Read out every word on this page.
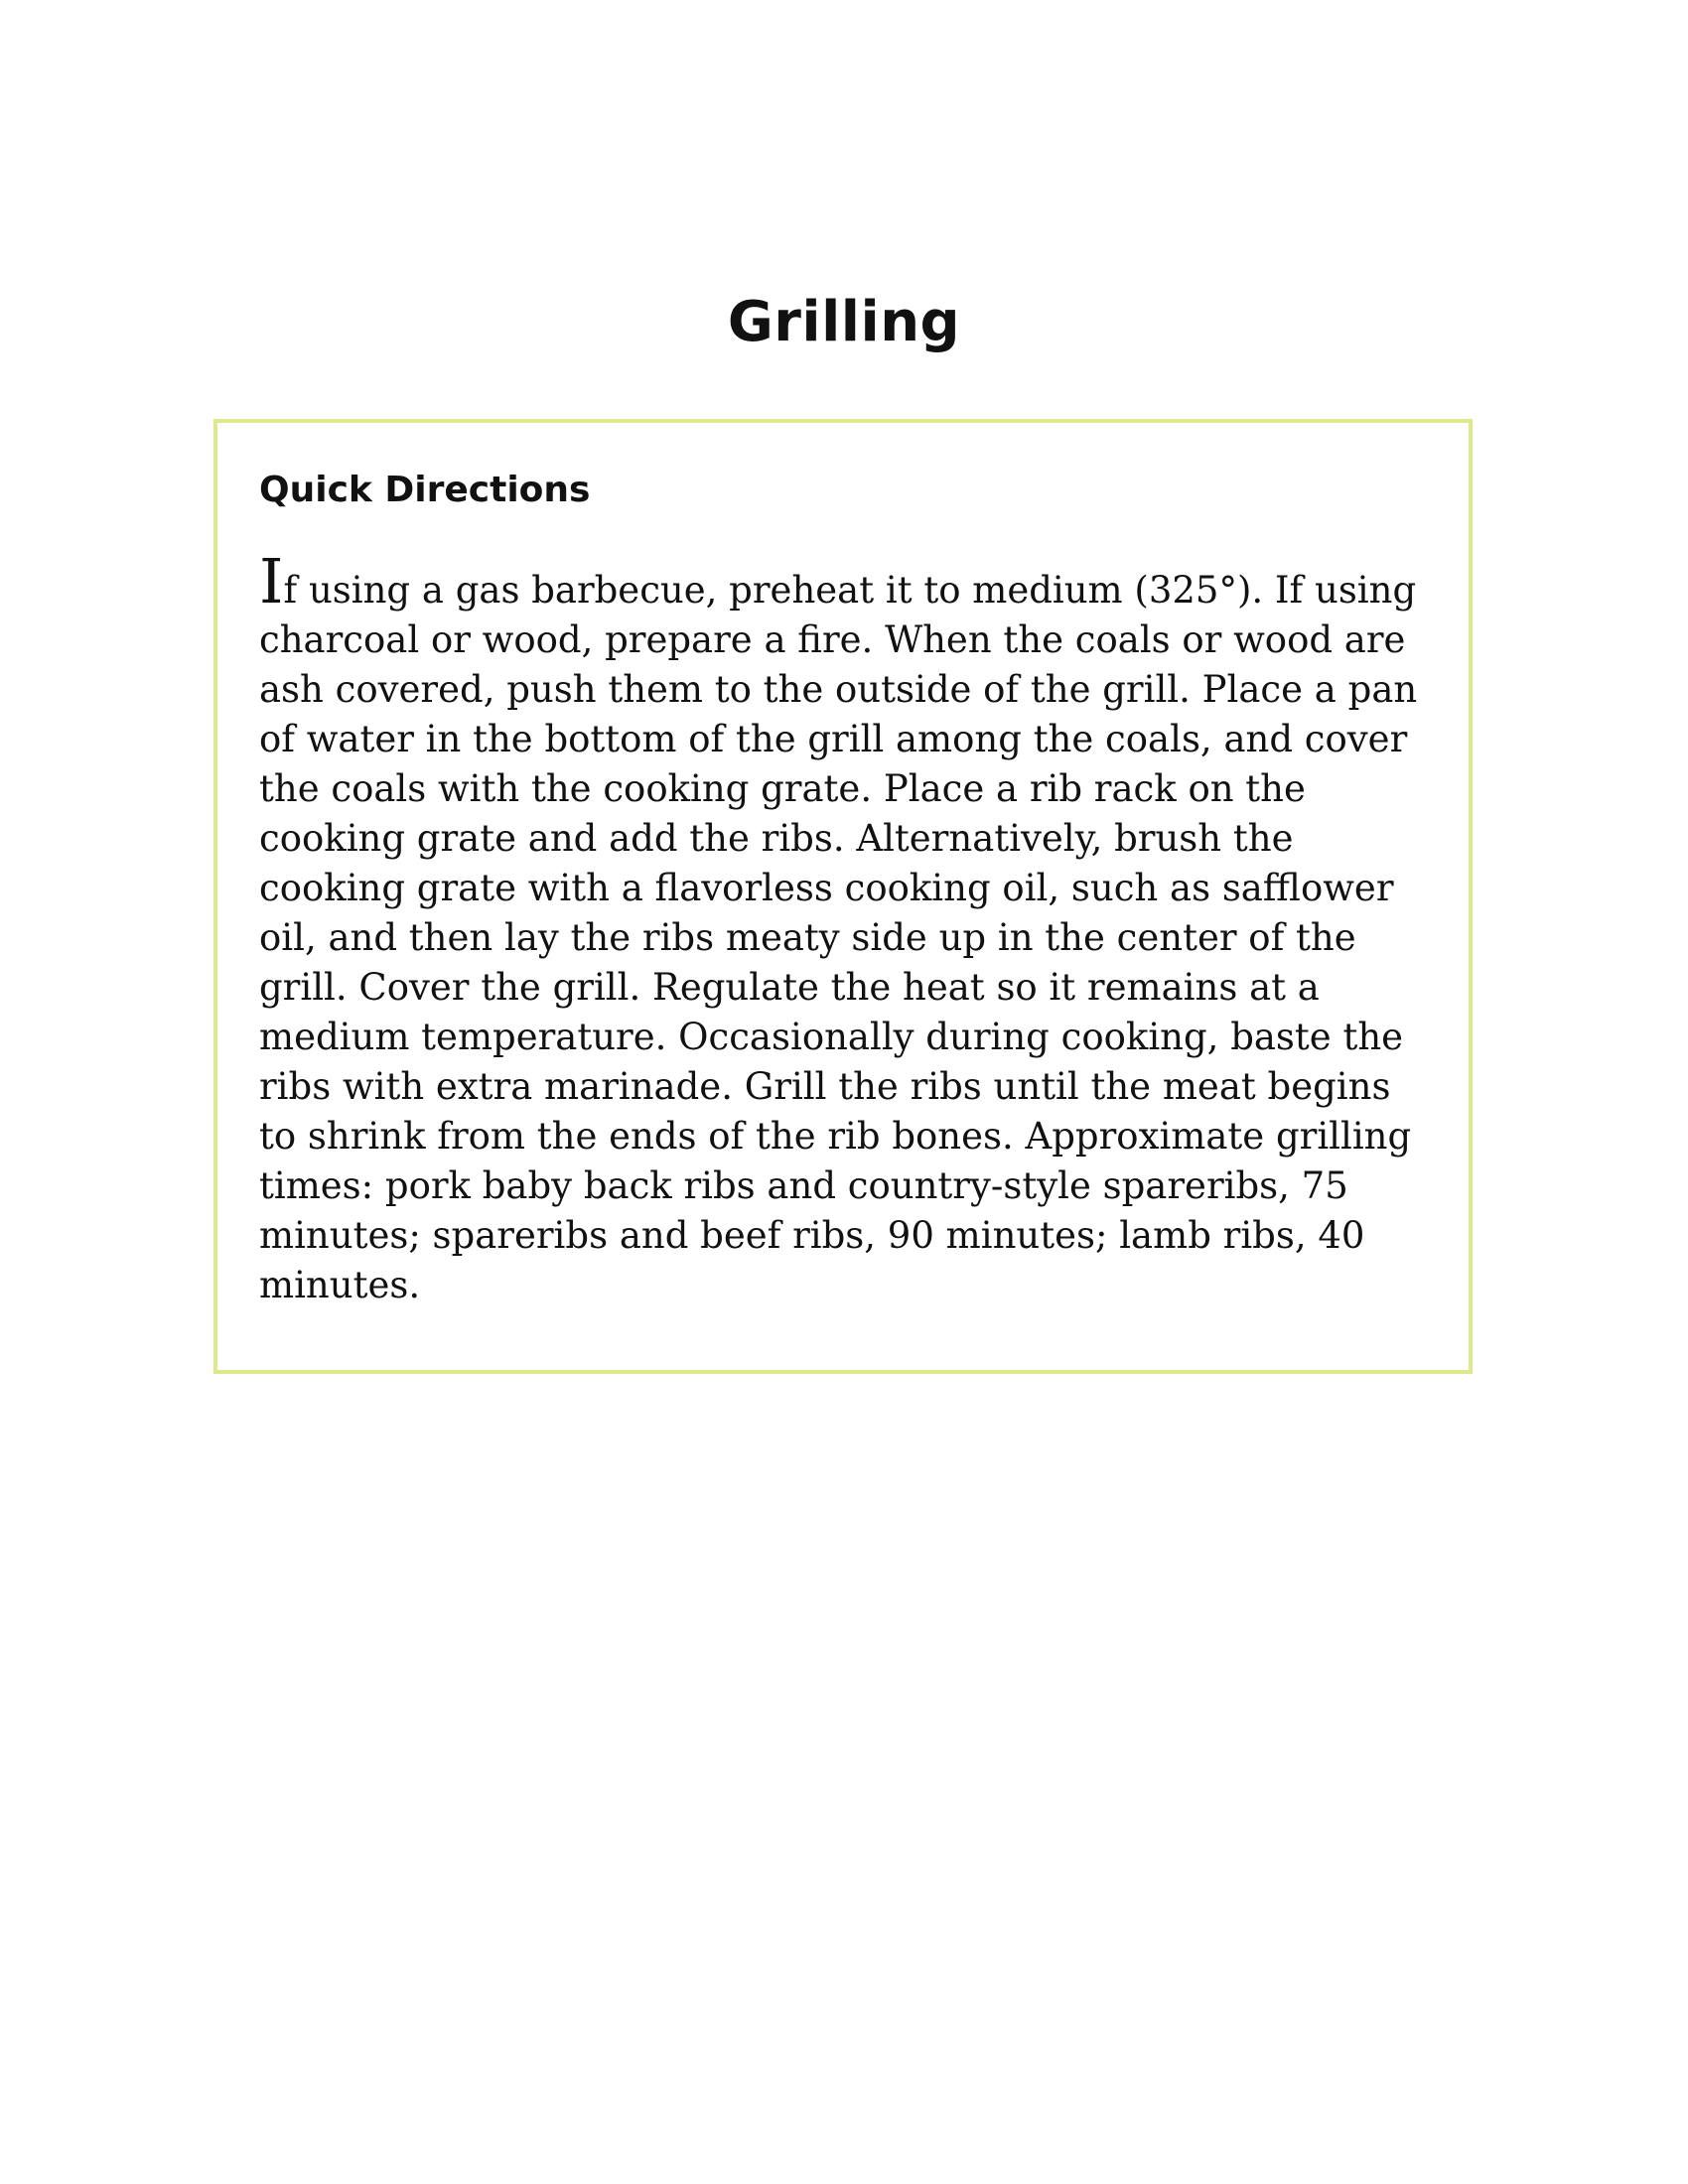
Grilling
Quick Directions

If using a gas barbecue, preheat it to medium (325°). If using charcoal or wood, prepare a fire. When the coals or wood are ash covered, push them to the outside of the grill. Place a pan of water in the bottom of the grill among the coals, and cover the coals with the cooking grate. Place a rib rack on the cooking grate and add the ribs. Alternatively, brush the cooking grate with a flavorless cooking oil, such as safflower oil, and then lay the ribs meaty side up in the center of the grill. Cover the grill. Regulate the heat so it remains at a medium temperature. Occasionally during cooking, baste the ribs with extra marinade. Grill the ribs until the meat begins to shrink from the ends of the rib bones. Approximate grilling times: pork baby back ribs and country-style spareribs, 75 minutes; spareribs and beef ribs, 90 minutes; lamb ribs, 40 minutes.
